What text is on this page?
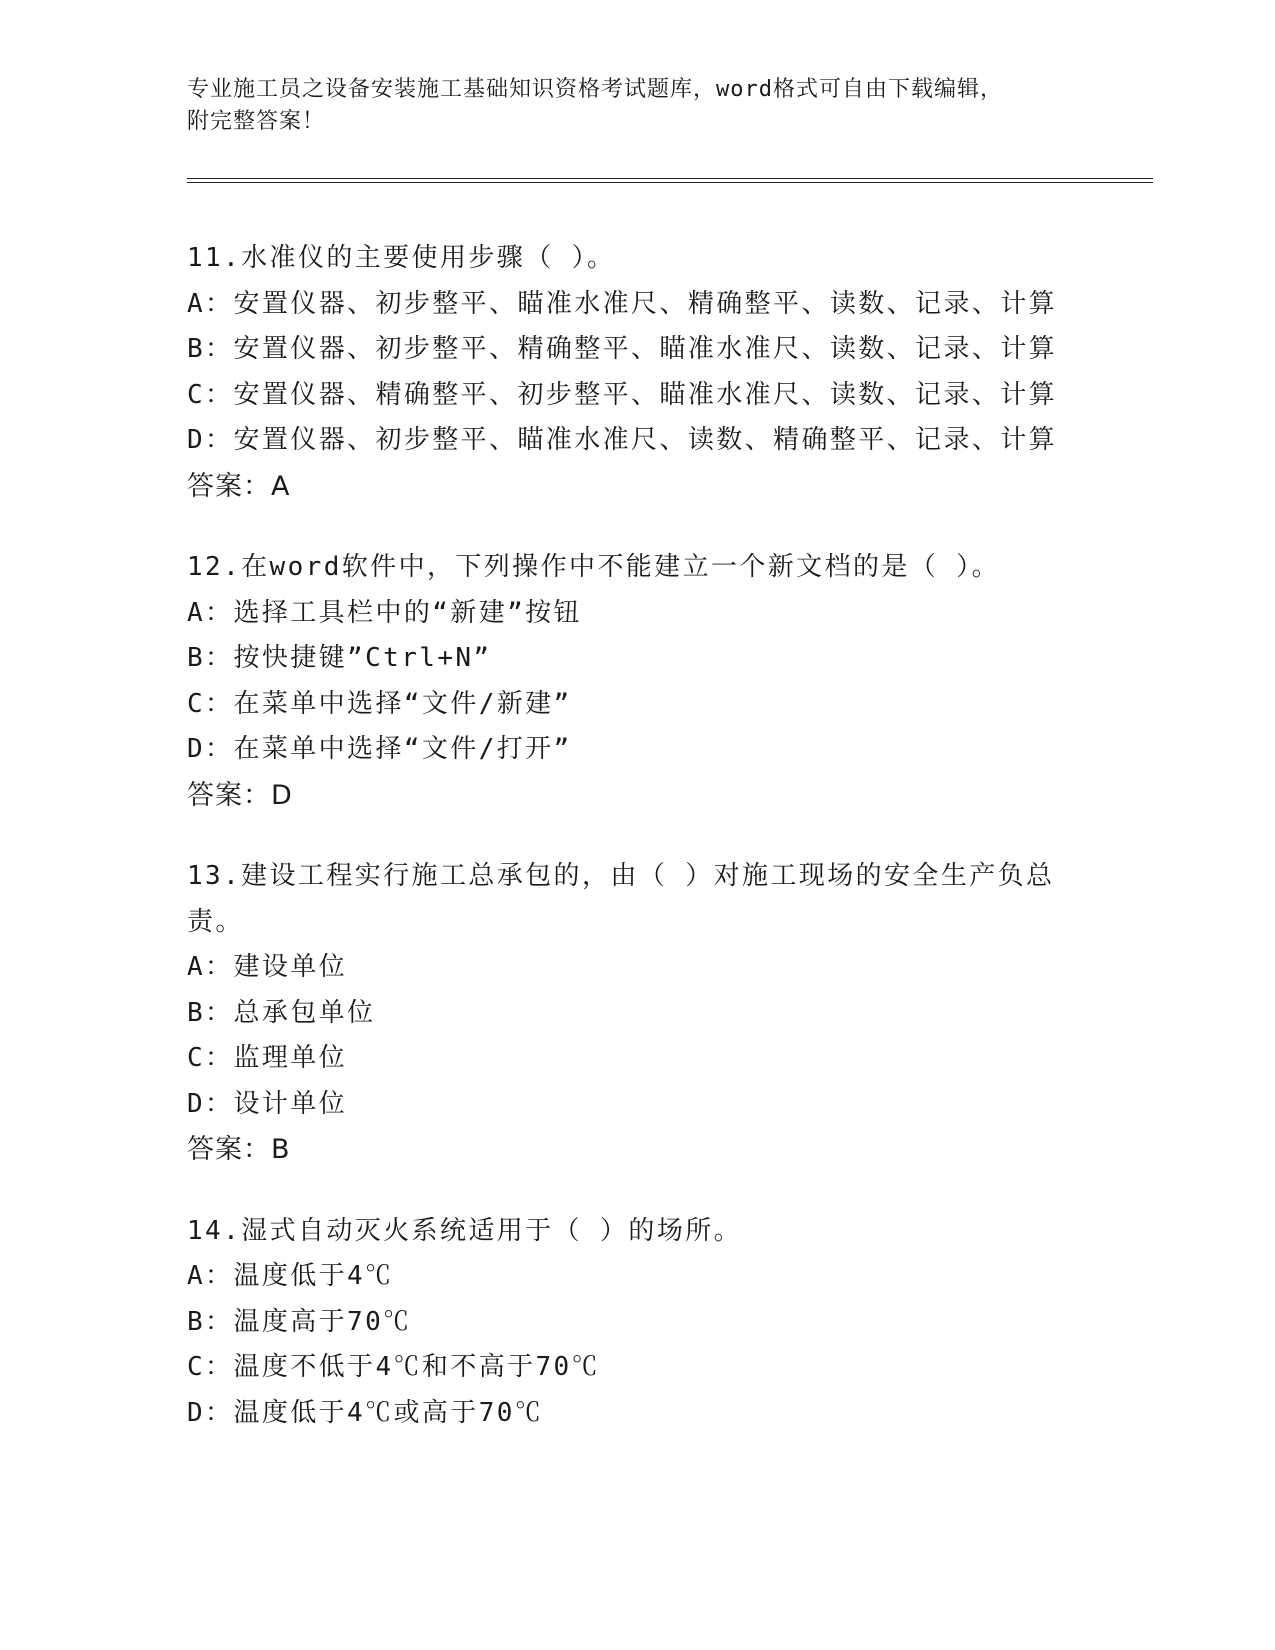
专业施工员之设备安装施工基础知识资格考试题库，word格式可自由下载编辑，
附完整答案！
11.水准仪的主要使用步骤（ ）。
A：安置仪器、初步整平、瞄准水准尺、精确整平、读数、记录、计算
B：安置仪器、初步整平、精确整平、瞄准水准尺、读数、记录、计算
C：安置仪器、精确整平、初步整平、瞄准水准尺、读数、记录、计算
D：安置仪器、初步整平、瞄准水准尺、读数、精确整平、记录、计算
答案：A
12.在word软件中，下列操作中不能建立一个新文档的是（ ）。
A：选择工具栏中的“新建”按钮
B：按快捷键”Ctrl+N”
C：在菜单中选择“文件/新建”
D：在菜单中选择“文件/打开”
答案：D
13.建设工程实行施工总承包的，由（ ）对施工现场的安全生产负总
责。
A：建设单位
B：总承包单位
C：监理单位
D：设计单位
答案：B
14.湿式自动灭火系统适用于（ ）的场所。
A：温度低于4℃
B：温度高于70℃
C：温度不低于4℃和不高于70℃
D：温度低于4℃或高于70℃
